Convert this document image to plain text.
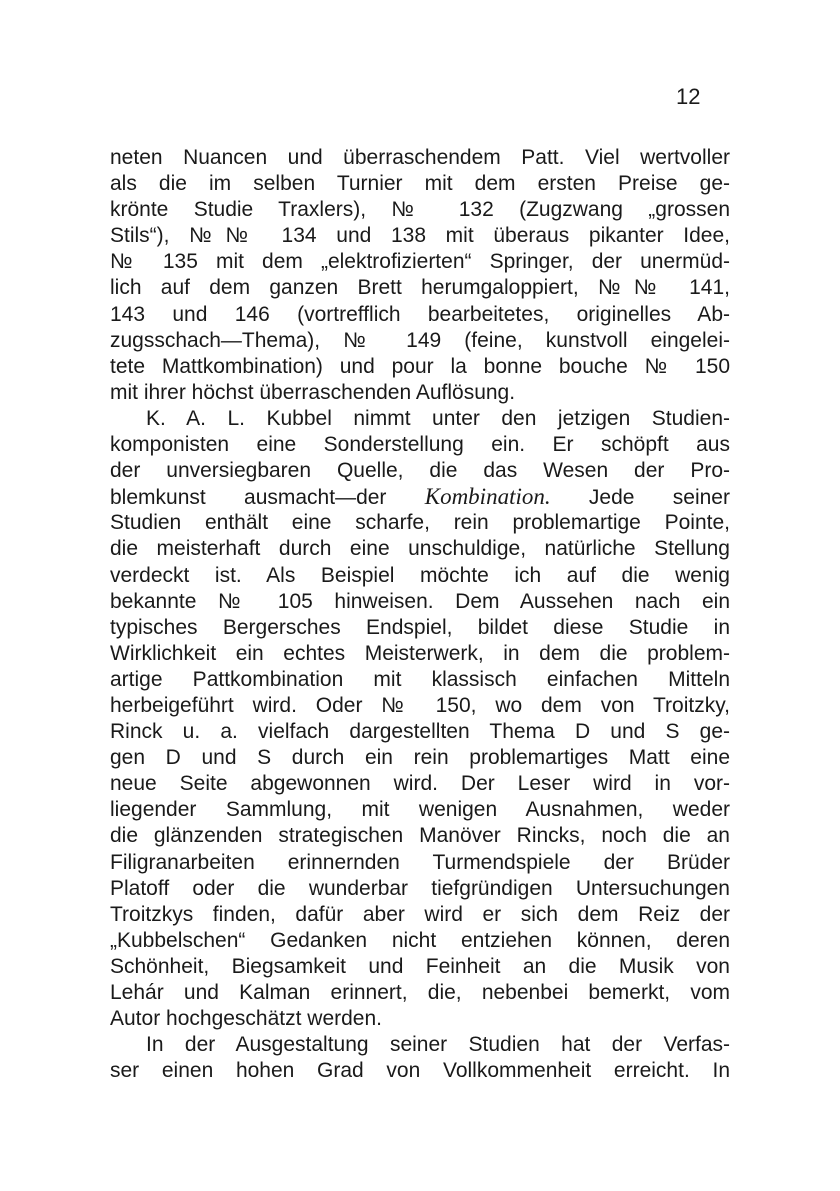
12
neten Nuancen und überraschendem Patt. Viel wertvoller
als die im selben Turnier mit dem ersten Preise ge-
krönte Studie Traxlers), № 132 (Zugzwang „grossen
Stils“), №№ 134 und 138 mit überaus pikanter Idee,
№ 135 mit dem „elektrofizierten“ Springer, der unermüd-
lich auf dem ganzen Brett herumgaloppiert, №№ 141,
143 und 146 (vortrefflich bearbeitetes, originelles Ab-
zugsschach—Thema), № 149 (feine, kunstvoll eingelei-
tete Mattkombination) und pour la bonne bouche № 150
mit ihrer höchst überraschenden Auflösung.
K. A. L. Kubbel nimmt unter den jetzigen Studien-
komponisten eine Sonderstellung ein. Er schöpft aus
der unversiegbaren Quelle, die das Wesen der Pro-
blemkunst ausmacht—der Kombination. Jede seiner
Studien enthält eine scharfe, rein problemartige Pointe,
die meisterhaft durch eine unschuldige, natürliche Stellung
verdeckt ist. Als Beispiel möchte ich auf die wenig
bekannte № 105 hinweisen. Dem Aussehen nach ein
typisches Bergersches Endspiel, bildet diese Studie in
Wirklichkeit ein echtes Meisterwerk, in dem die problem-
artige Pattkombination mit klassisch einfachen Mitteln
herbeigeführt wird. Oder № 150, wo dem von Troitzky,
Rinck u. a. vielfach dargestellten Thema D und S ge-
gen D und S durch ein rein problemartiges Matt eine
neue Seite abgewonnen wird. Der Leser wird in vor-
liegender Sammlung, mit wenigen Ausnahmen, weder
die glänzenden strategischen Manöver Rincks, noch die an
Filigranarbeiten erinnernden Turmendspiele der Brüder
Platoff oder die wunderbar tiefgründigen Untersuchungen
Troitzkys finden, dafür aber wird er sich dem Reiz der
„Kubbelschen“ Gedanken nicht entziehen können, deren
Schönheit, Biegsamkeit und Feinheit an die Musik von
Lehár und Kalman erinnert, die, nebenbei bemerkt, vom
Autor hochgeschätzt werden.
In der Ausgestaltung seiner Studien hat der Verfas-
ser einen hohen Grad von Vollkommenheit erreicht. In
